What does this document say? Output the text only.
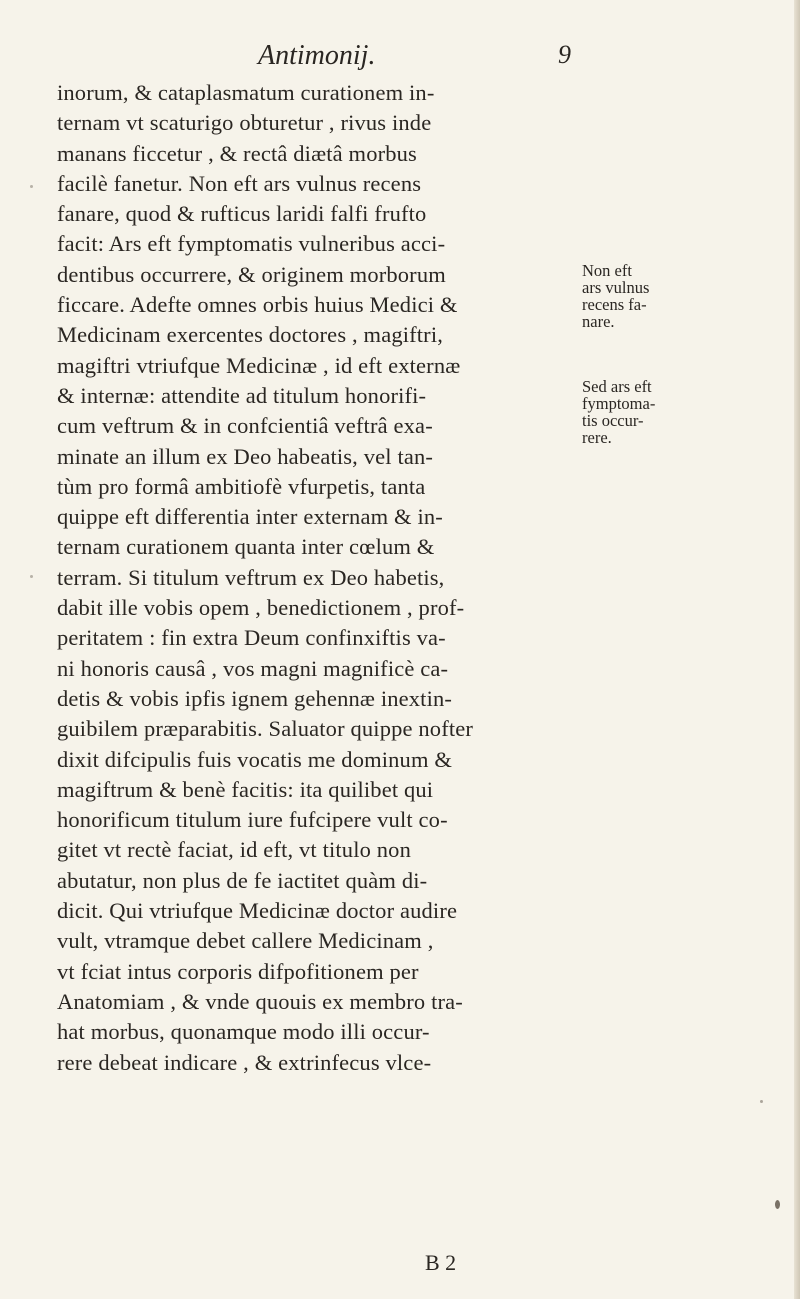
Antimonij.	9
inorum, & cataplasmatum curationem in-
ternam vt scaturigo obturetur , rivus inde
manans ficcetur , & rectâ diætâ morbus
facilè fanetur. Non eft ars vulnus recens
fanare, quod & rufticus laridi falfi frufto
facit: Ars eft fymptomatis vulneribus acci-
dentibus occurrere, & originem morborum
ficcare. Adefte omnes orbis huius Medici &
Medicinam exercentes doctores , magiftri,
magiftri vtriufque Medicinæ , id eft externæ
& internæ: attendite ad titulum honorifi-
cum veftrum & in confcientiâ veftrâ exa-
minate an illum ex Deo habeatis, vel tan-
tùm pro formâ ambitiofè vfurpetis, tanta
quippe eft differentia inter externam & in-
ternam curationem quanta inter cœlum &
terram. Si titulum veftrum ex Deo habetis,
dabit ille vobis opem , benedictionem , prof-
peritatem : fin extra Deum confinxiftis va-
ni honoris causâ , vos magni magnificè ca-
detis & vobis ipfis ignem gehennæ inextin-
guibilem præparabitis. Saluator quippe nofter
dixit difcipulis fuis vocatis me dominum &
magiftrum & benè facitis: ita quilibet qui
honorificum titulum iure fufcipere vult co-
gitet vt rectè faciat, id eft, vt titulo non
abutatur, non plus de fe iactitet quàm di-
dicit. Qui vtriufque Medicinæ doctor audire
vult, vtramque debet callere Medicinam ,
vt fciat intus corporis difpofitionem per
Anatomiam , & vnde quouis ex membro tra-
hat morbus, quonamque modo illi occur-
rere debeat indicare , & extrinfecus vlce-
Non eft
ars vulnus
recens fa-
nare.
Sed ars eft
fymptoma-
tis occur-
rere.
B 2
